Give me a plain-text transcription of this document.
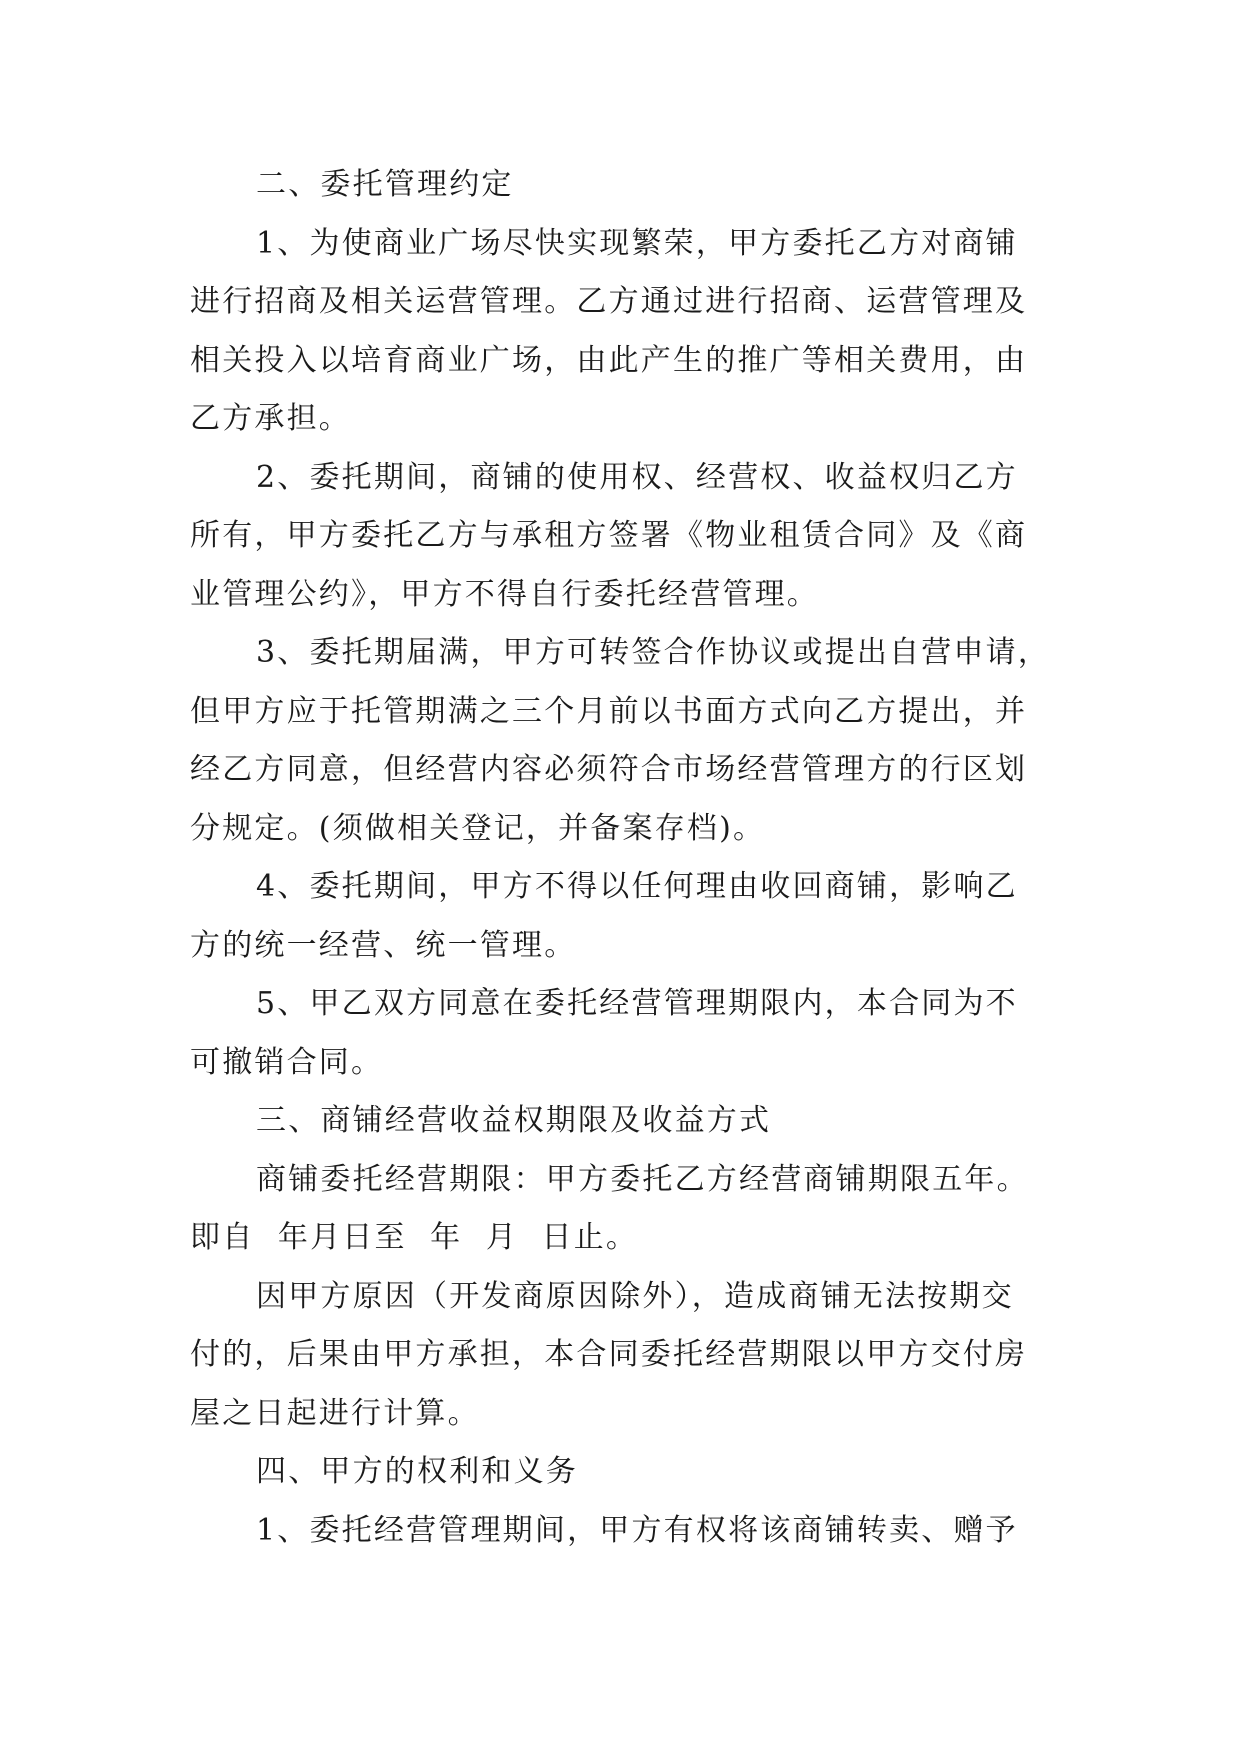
二、委托管理约定

1、为使商业广场尽快实现繁荣，甲方委托乙方对商铺
进行招商及相关运营管理。乙方通过进行招商、运营管理及
相关投入以培育商业广场，由此产生的推广等相关费用，由
乙方承担。

2、委托期间，商铺的使用权、经营权、收益权归乙方
所有，甲方委托乙方与承租方签署《物业租赁合同》及《商
业管理公约》，甲方不得自行委托经营管理。

3、委托期届满，甲方可转签合作协议或提出自营申请，
但甲方应于托管期满之三个月前以书面方式向乙方提出，并
经乙方同意，但经营内容必须符合市场经营管理方的行区划
分规定。(须做相关登记，并备案存档)。

4、委托期间，甲方不得以任何理由收回商铺，影响乙
方的统一经营、统一管理。

5、甲乙双方同意在委托经营管理期限内，本合同为不
可撤销合同。

三、商铺经营收益权期限及收益方式

商铺委托经营期限：甲方委托乙方经营商铺期限五年。
即自  年月日至  年  月  日止。

因甲方原因（开发商原因除外），造成商铺无法按期交
付的，后果由甲方承担，本合同委托经营期限以甲方交付房
屋之日起进行计算。

四、甲方的权利和义务

1、委托经营管理期间，甲方有权将该商铺转卖、赠予
